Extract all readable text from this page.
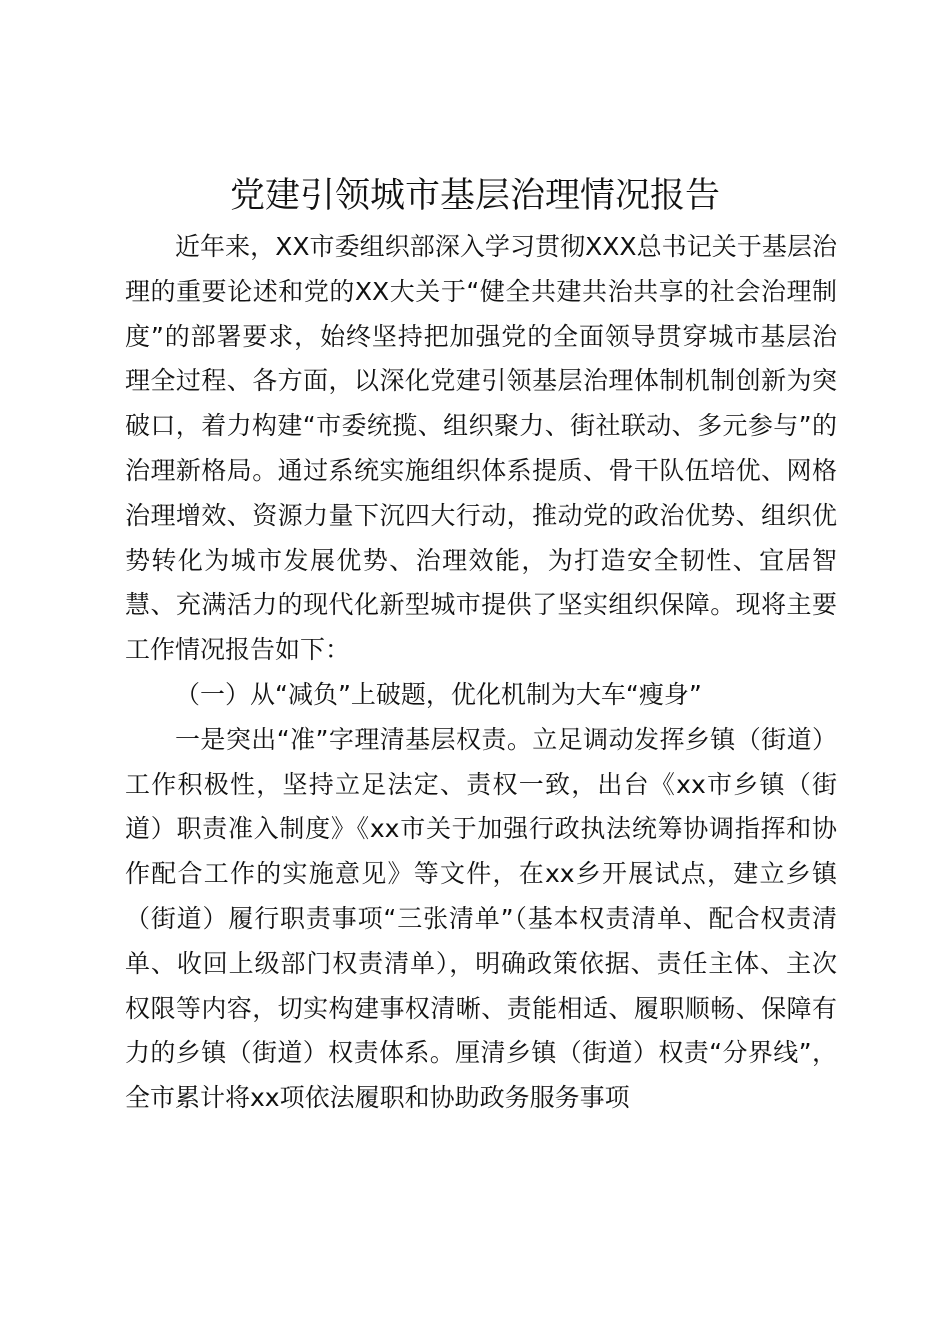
党建引领城市基层治理情况报告

近年来，XX市委组织部深入学习贯彻XXX总书记关于基层治理的重要论述和党的XX大关于“健全共建共治共享的社会治理制度”的部署要求，始终坚持把加强党的全面领导贯穿城市基层治理全过程、各方面，以深化党建引领基层治理体制机制创新为突破口，着力构建“市委统揽、组织聚力、街社联动、多元参与”的治理新格局。通过系统实施组织体系提质、骨干队伍培优、网格治理增效、资源力量下沉四大行动，推动党的政治优势、组织优势转化为城市发展优势、治理效能，为打造安全韧性、宜居智慧、充满活力的现代化新型城市提供了坚实组织保障。现将主要工作情况报告如下：

（一）从“减负”上破题，优化机制为大车“瘦身”

一是突出“准”字理清基层权责。立足调动发挥乡镇（街道）工作积极性，坚持立足法定、责权一致，出台《xx市乡镇（街道）职责准入制度》《xx市关于加强行政执法统筹协调指挥和协作配合工作的实施意见》等文件，在xx乡开展试点，建立乡镇（街道）履行职责事项“三张清单”（基本权责清单、配合权责清单、收回上级部门权责清单），明确政策依据、责任主体、主次权限等内容，切实构建事权清晰、责能相适、履职顺畅、保障有力的乡镇（街道）权责体系。厘清乡镇（街道）权责“分界线”，全市累计将xx项依法履职和协助政务服务事项
